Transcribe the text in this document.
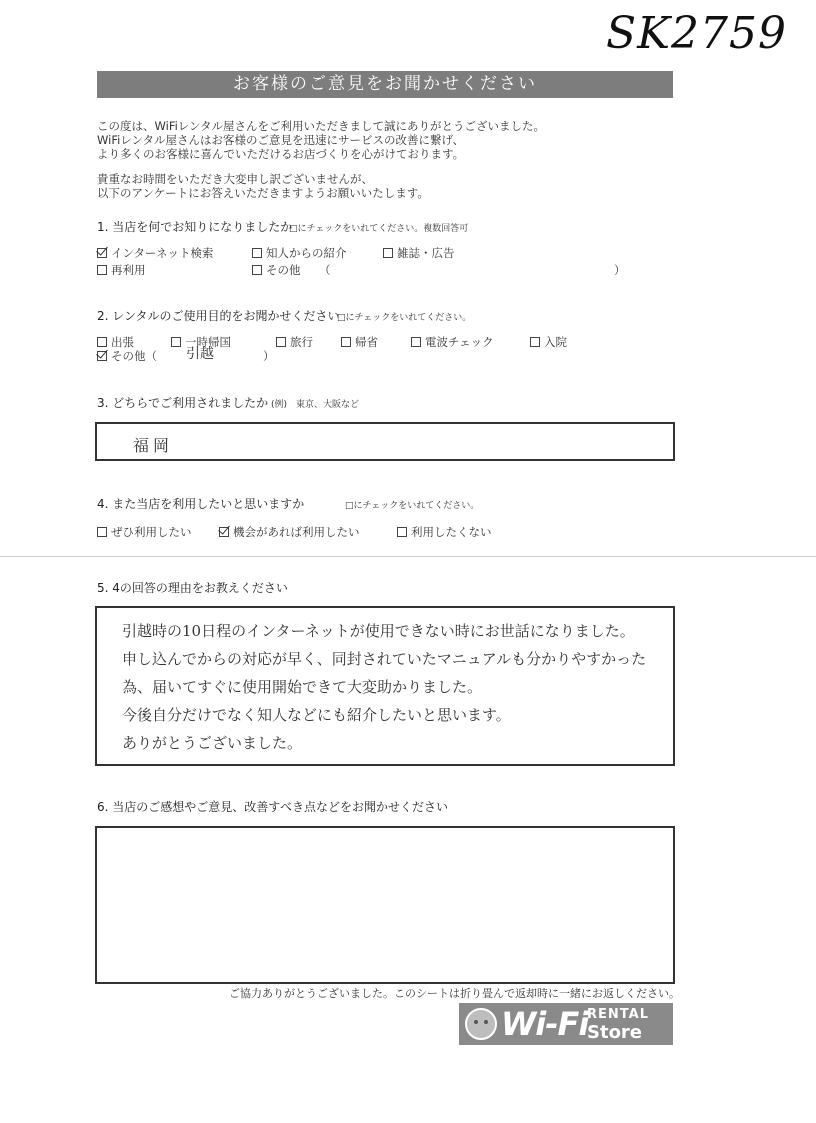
SK2759
お客様のご意見をお聞かせください
この度は、WiFiレンタル屋さんをご利用いただきまして誠にありがとうございました。
WiFiレンタル屋さんはお客様のご意見を迅速にサービスの改善に繋げ、
より多くのお客様に喜んでいただけるお店づくりを心がけております。
貴重なお時間をいただき大変申し訳ございませんが、
以下のアンケートにお答えいただきますようお願いいたします。
1. 当店を何でお知りになりましたか
□にチェックをいれてください。複数回答可
インターネット検索	知人からの紹介	雑誌・広告
再利用	その他 （	）
2. レンタルのご使用目的をお聞かせください
□にチェックをいれてください。
出張	一時帰国	旅行	帰省	電波チェック	入院
その他（ 引越	）
3. どちらでご利用されましたか (例)　東京、大阪など
福岡
4. また当店を利用したいと思いますか	□にチェックをいれてください。
ぜひ利用したい	機会があれば利用したい	利用したくない
5. 4の回答の理由をお教えください
引越時の10日程のインターネットが使用できない時にお世話になりました。
申し込んでからの対応が早く、同封されていたマニュアルも分かりやすかった
為、届いてすぐに使用開始できて大変助かりました。
今後自分だけでなく知人などにも紹介したいと思います。
ありがとうございました。
6. 当店のご感想やご意見、改善すべき点などをお聞かせください
ご協力ありがとうございました。このシートは折り畳んで返却時に一緒にお返しください。
Wi-Fi
RENTAL
Store
